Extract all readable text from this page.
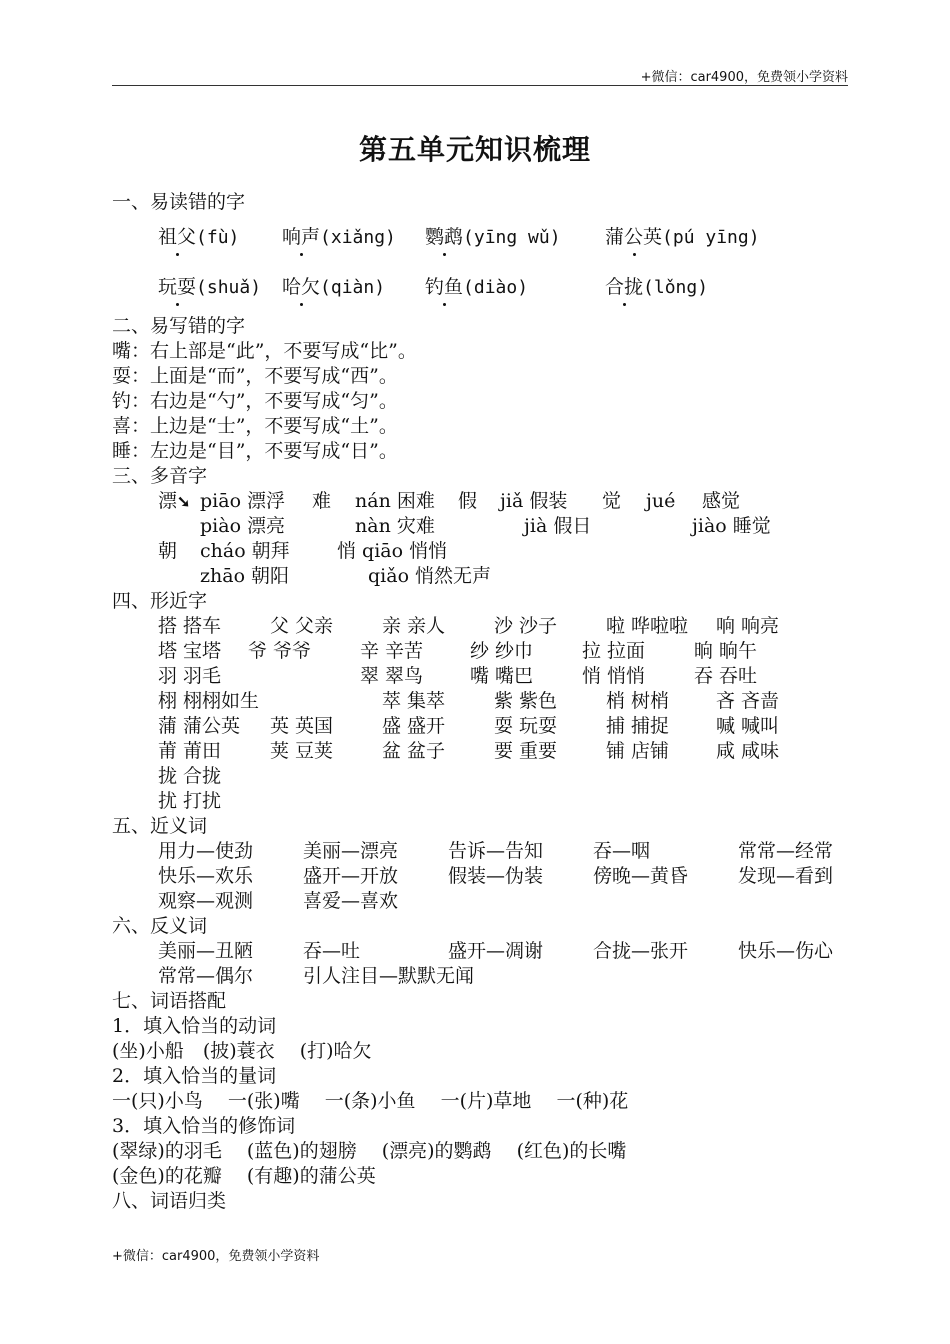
+微信：car4900，免费领小学资料
第五单元知识梳理
一、易读错的字
祖父(fù) 响声(xiǎng) 鹦鹉(yīng wǔ) 蒲公英(pú yīng)
玩耍(shuǎ) 哈欠(qiàn) 钓鱼(diào)	合拢(lǒng)
二、易写错的字
嘴：右上部是“此”，不要写成“比”。
耍：上面是“而”，不要写成“西”。
钓：右边是“勺”，不要写成“匀”。
喜：上边是“士”，不要写成“土”。
睡：左边是“目”，不要写成“日”。
三、多音字
漂➘ piāo 漂浮 难 nán 困难 假 jiǎ 假装 觉 jué 感觉
piào 漂亮	nàn 灾难	jià 假日	jiào 睡觉
朝 cháo 朝拜 悄 qiāo 悄悄
zhāo 朝阳	qiǎo 悄然无声
四、形近字
搭 搭车	父 父亲	亲 亲人	沙 沙子	啦 哗啦啦 响 响亮
塔 宝塔 爷 爷爷	辛 辛苦 纱 纱巾	拉 拉面	晌 晌午
羽 羽毛	翠 翠鸟 嘴 嘴巴	悄 悄悄	吞 吞吐
栩 栩栩如生	萃 集萃	紫 紫色	梢 树梢 吝 吝啬
蒲 蒲公英 英 英国	盛 盛开	耍 玩耍	捕 捕捉 喊 喊叫
莆 莆田	荚 豆荚	盆 盆子	要 重要	铺 店铺 咸 咸味
拢 合拢
扰 打扰
五、近义词
用力—使劲	美丽—漂亮	告诉—告知	吞—咽	常常—经常
快乐—欢乐	盛开—开放	假装—伪装	傍晚—黄昏	发现—看到
观察—观测	喜爱—喜欢
六、反义词
美丽—丑陋	吞—吐	盛开—凋谢	合拢—张开	快乐—伤心
常常—偶尔	引人注目—默默无闻
七、词语搭配
1．填入恰当的动词
(坐)小船　(披)蓑衣　 (打)哈欠
2．填入恰当的量词
一(只)小鸟　 一(张)嘴　 一(条)小鱼　 一(片)草地　 一(种)花
3．填入恰当的修饰词
(翠绿)的羽毛　 (蓝色)的翅膀　 (漂亮)的鹦鹉　 (红色)的长嘴
(金色)的花瓣　 (有趣)的蒲公英
八、词语归类
+微信：car4900，免费领小学资料
